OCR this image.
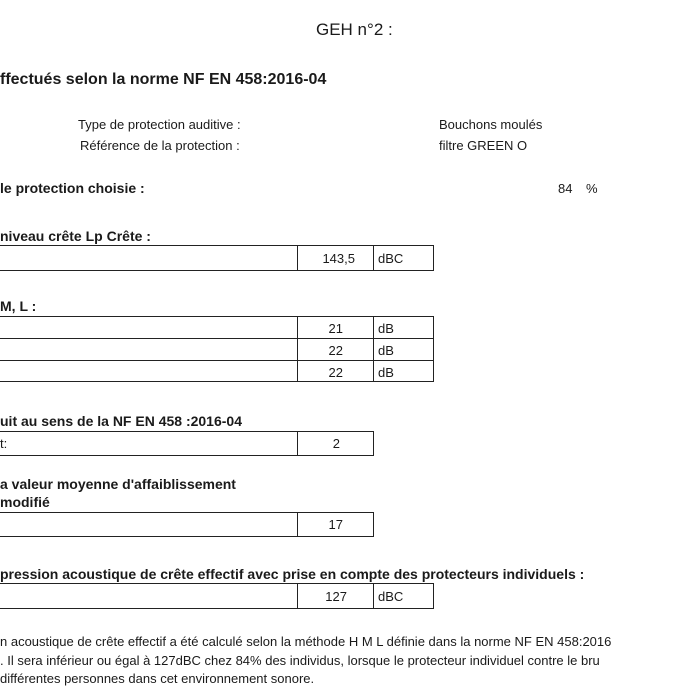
GEH n°2 :
ffectués selon la norme NF EN 458:2016-04
Type de protection auditive :	Bouchons moulés
Référence de la protection :	filtre GREEN O
le protection choisie :	84 %
niveau crête Lp Crête :
143,5 dBC
M, L :
21	dB
22	dB
22	dB
uit au sens de la NF EN 458 :2016-04
t:	2
a valeur moyenne d'affaiblissement
modifié
17
pression acoustique de crête effectif avec prise en compte des protecteurs individuels :
127 dBC
n acoustique de crête effectif a été calculé selon la méthode H M L définie dans la norme NF EN 458:2016
. Il sera inférieur ou égal à 127dBC chez 84% des individus, lorsque le protecteur individuel contre le bru
différentes personnes dans cet environnement sonore.
